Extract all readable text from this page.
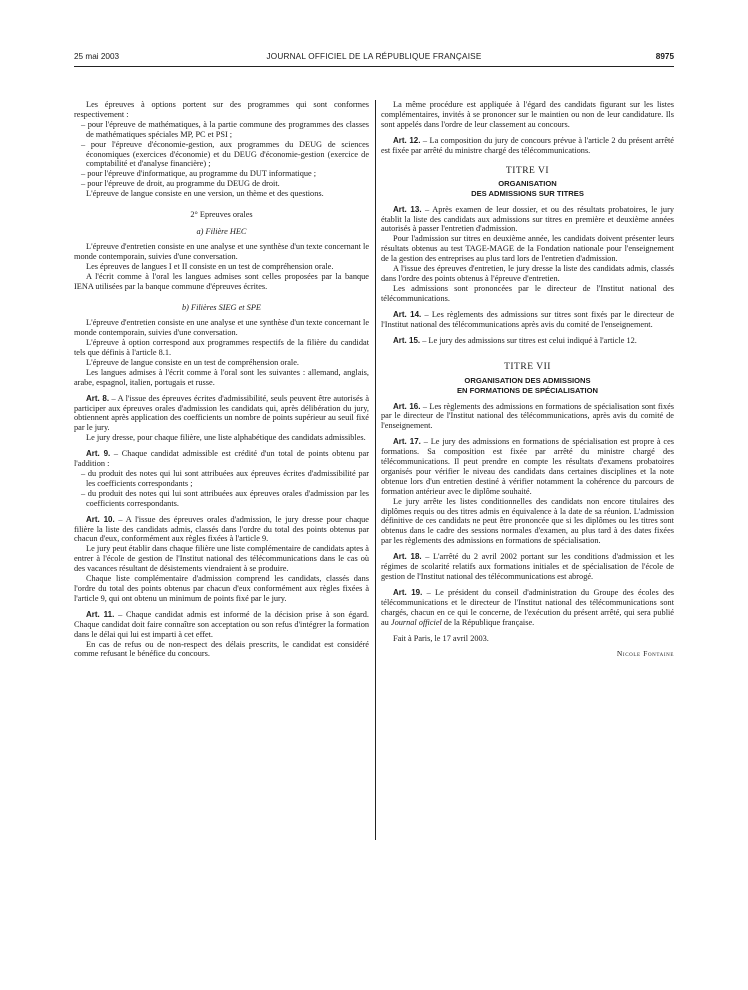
25 mai 2003	JOURNAL OFFICIEL DE LA RÉPUBLIQUE FRANÇAISE	8975

Les épreuves à options portent sur des programmes qui sont conformes respectivement :

– pour l'épreuve de mathématiques, à la partie commune des programmes des classes de mathématiques spéciales MP, PC et PSI ;
– pour l'épreuve d'économie-gestion, aux programmes du DEUG de sciences économiques (exercices d'économie) et du DEUG d'économie-gestion (exercice de comptabilité et d'analyse financière) ;
– pour l'épreuve d'informatique, au programme du DUT informatique ;
– pour l'épreuve de droit, au programme du DEUG de droit.

L'épreuve de langue consiste en une version, un thème et des questions.

2° Epreuves orales

a) Filière HEC

L'épreuve d'entretien consiste en une analyse et une synthèse d'un texte concernant le monde contemporain, suivies d'une conversation.

Les épreuves de langues I et II consiste en un test de compréhension orale.

A l'écrit comme à l'oral les langues admises sont celles proposées par la banque IENA utilisées par la banque commune d'épreuves écrites.

b) Filières SIEG et SPE

L'épreuve d'entretien consiste en une analyse et une synthèse d'un texte concernant le monde contemporain, suivies d'une conversation.

L'épreuve à option correspond aux programmes respectifs de la filière du candidat tels que définis à l'article 8.1.

L'épreuve de langue consiste en un test de compréhension orale.

Les langues admises à l'écrit comme à l'oral sont les suivantes : allemand, anglais, arabe, espagnol, italien, portugais et russe.

Art. 8. – A l'issue des épreuves écrites d'admissibilité, seuls peuvent être autorisés à participer aux épreuves orales d'admission les candidats qui, après délibération du jury, obtiennent après application des coefficients un nombre de points supérieur au seuil fixé par le jury.

Le jury dresse, pour chaque filière, une liste alphabétique des candidats admissibles.

Art. 9. – Chaque candidat admissible est crédité d'un total de points obtenu par l'addition :

– du produit des notes qui lui sont attribuées aux épreuves écrites d'admissibilité par les coefficients correspondants ;
– du produit des notes qui lui sont attribuées aux épreuves orales d'admission par les coefficients correspondants.

Art. 10. – A l'issue des épreuves orales d'admission, le jury dresse pour chaque filière la liste des candidats admis, classés dans l'ordre du total des points obtenus par chacun d'eux, conformément aux règles fixées à l'article 9.

Le jury peut établir dans chaque filière une liste complémentaire de candidats aptes à entrer à l'école de gestion de l'Institut national des télécommunications dans le cas où des vacances résultant de désistements viendraient à se produire.

Chaque liste complémentaire d'admission comprend les candidats, classés dans l'ordre du total des points obtenus par chacun d'eux conformément aux règles fixées à l'article 9, qui ont obtenu un minimum de points fixé par le jury.

Art. 11. – Chaque candidat admis est informé de la décision prise à son égard. Chaque candidat doit faire connaître son acceptation ou son refus d'intégrer la formation dans le délai qui lui est imparti à cet effet.

En cas de refus ou de non-respect des délais prescrits, le candidat est considéré comme refusant le bénéfice du concours.

La même procédure est appliquée à l'égard des candidats figurant sur les listes complémentaires, invités à se prononcer sur le maintien ou non de leur candidature. Ils sont appelés dans l'ordre de leur classement au concours.

Art. 12. – La composition du jury de concours prévue à l'article 2 du présent arrêté est fixée par arrêté du ministre chargé des télécommunications.

TITRE VI
ORGANISATION
DES ADMISSIONS SUR TITRES

Art. 13. – Après examen de leur dossier, et ou des résultats probatoires, le jury établit la liste des candidats aux admissions sur titres en première et deuxième années autorisés à passer l'entretien d'admission.

Pour l'admission sur titres en deuxième année, les candidats doivent présenter leurs résultats obtenus au test TAGE-MAGE de la Fondation nationale pour l'enseignement de la gestion des entreprises au plus tard lors de l'entretien d'admission.

A l'issue des épreuves d'entretien, le jury dresse la liste des candidats admis, classés dans l'ordre des points obtenus à l'épreuve d'entretien.

Les admissions sont prononcées par le directeur de l'Institut national des télécommunications.

Art. 14. – Les règlements des admissions sur titres sont fixés par le directeur de l'Institut national des télécommunications après avis du comité de l'enseignement.

Art. 15. – Le jury des admissions sur titres est celui indiqué à l'article 12.

TITRE VII
ORGANISATION DES ADMISSIONS
EN FORMATIONS DE SPÉCIALISATION

Art. 16. – Les règlements des admissions en formations de spécialisation sont fixés par le directeur de l'Institut national des télécommunications, après avis du comité de l'enseignement.

Art. 17. – Le jury des admissions en formations de spécialisation est propre à ces formations. Sa composition est fixée par arrêté du ministre chargé des télécommunications. Il peut prendre en compte les résultats d'examens probatoires organisés pour vérifier le niveau des candidats dans certaines disciplines et la note obtenue lors d'un entretien destiné à vérifier notamment la cohérence du parcours de formation antérieur avec le diplôme souhaité.

Le jury arrête les listes conditionnelles des candidats non encore titulaires des diplômes requis ou des titres admis en équivalence à la date de sa réunion. L'admission définitive de ces candidats ne peut être prononcée que si les diplômes ou les titres sont obtenus dans le cadre des sessions normales d'examen, au plus tard à des dates fixées par les règlements des admissions en formations de spécialisation.

Art. 18. – L'arrêté du 2 avril 2002 portant sur les conditions d'admission et les régimes de scolarité relatifs aux formations initiales et de spécialisation de l'école de gestion de l'Institut national des télécommunications est abrogé.

Art. 19. – Le président du conseil d'administration du Groupe des écoles des télécommunications et le directeur de l'Institut national des télécommunications sont chargés, chacun en ce qui le concerne, de l'exécution du présent arrêté, qui sera publié au Journal officiel de la République française.

Fait à Paris, le 17 avril 2003.

Nicole Fontaine
